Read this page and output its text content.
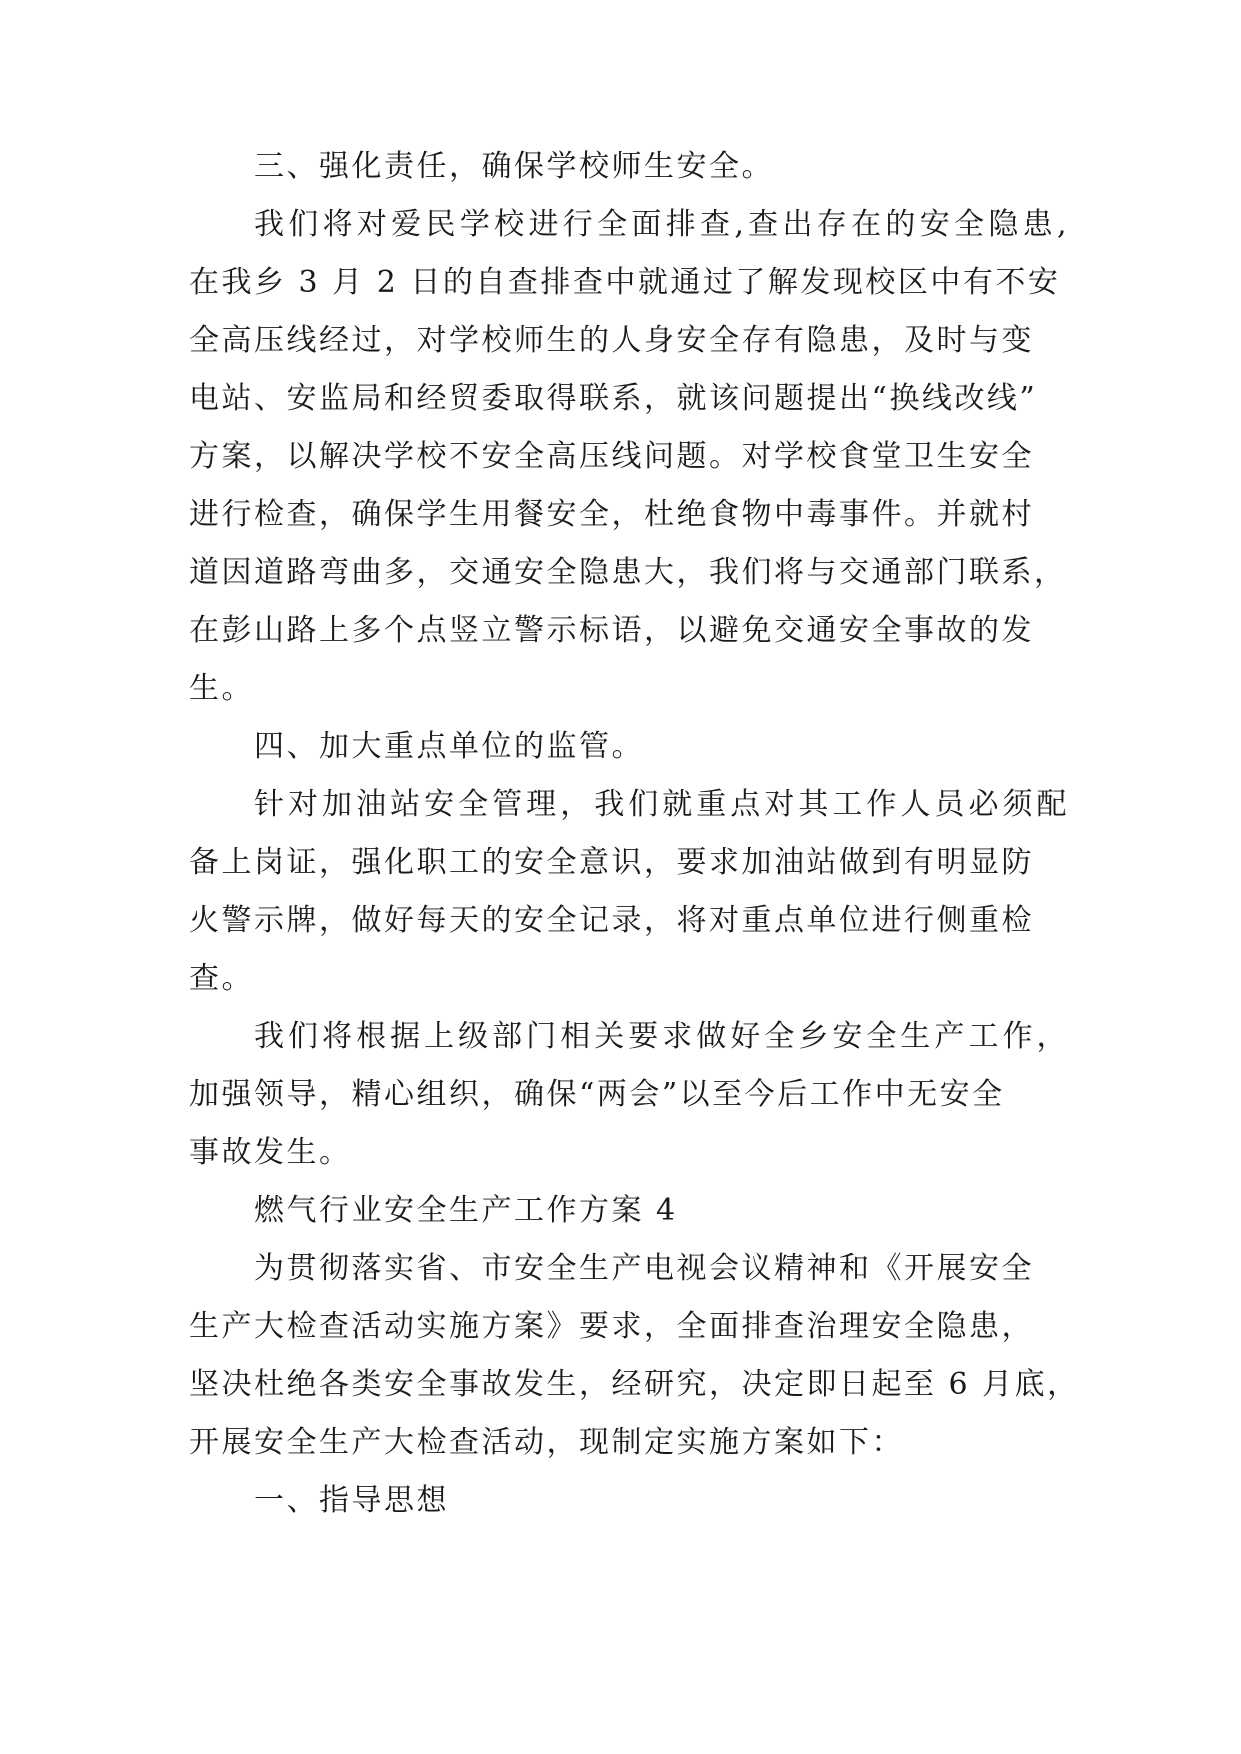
三、强化责任，确保学校师生安全。
我们将对爱民学校进行全面排查,查出存在的安全隐患,
在我乡 3 月 2 日的自查排查中就通过了解发现校区中有不安
全高压线经过，对学校师生的人身安全存有隐患，及时与变
电站、安监局和经贸委取得联系，就该问题提出“换线改线”
方案，以解决学校不安全高压线问题。对学校食堂卫生安全
进行检查，确保学生用餐安全，杜绝食物中毒事件。并就村
道因道路弯曲多，交通安全隐患大，我们将与交通部门联系，
在彭山路上多个点竖立警示标语，以避免交通安全事故的发
生。
四、加大重点单位的监管。
针对加油站安全管理，我们就重点对其工作人员必须配
备上岗证，强化职工的安全意识，要求加油站做到有明显防
火警示牌，做好每天的安全记录，将对重点单位进行侧重检
查。
我们将根据上级部门相关要求做好全乡安全生产工作，
加强领导，精心组织，确保“两会”以至今后工作中无安全
事故发生。
燃气行业安全生产工作方案 4
为贯彻落实省、市安全生产电视会议精神和《开展安全
生产大检查活动实施方案》要求，全面排查治理安全隐患，
坚决杜绝各类安全事故发生，经研究，决定即日起至 6 月底，
开展安全生产大检查活动，现制定实施方案如下：
一、指导思想
